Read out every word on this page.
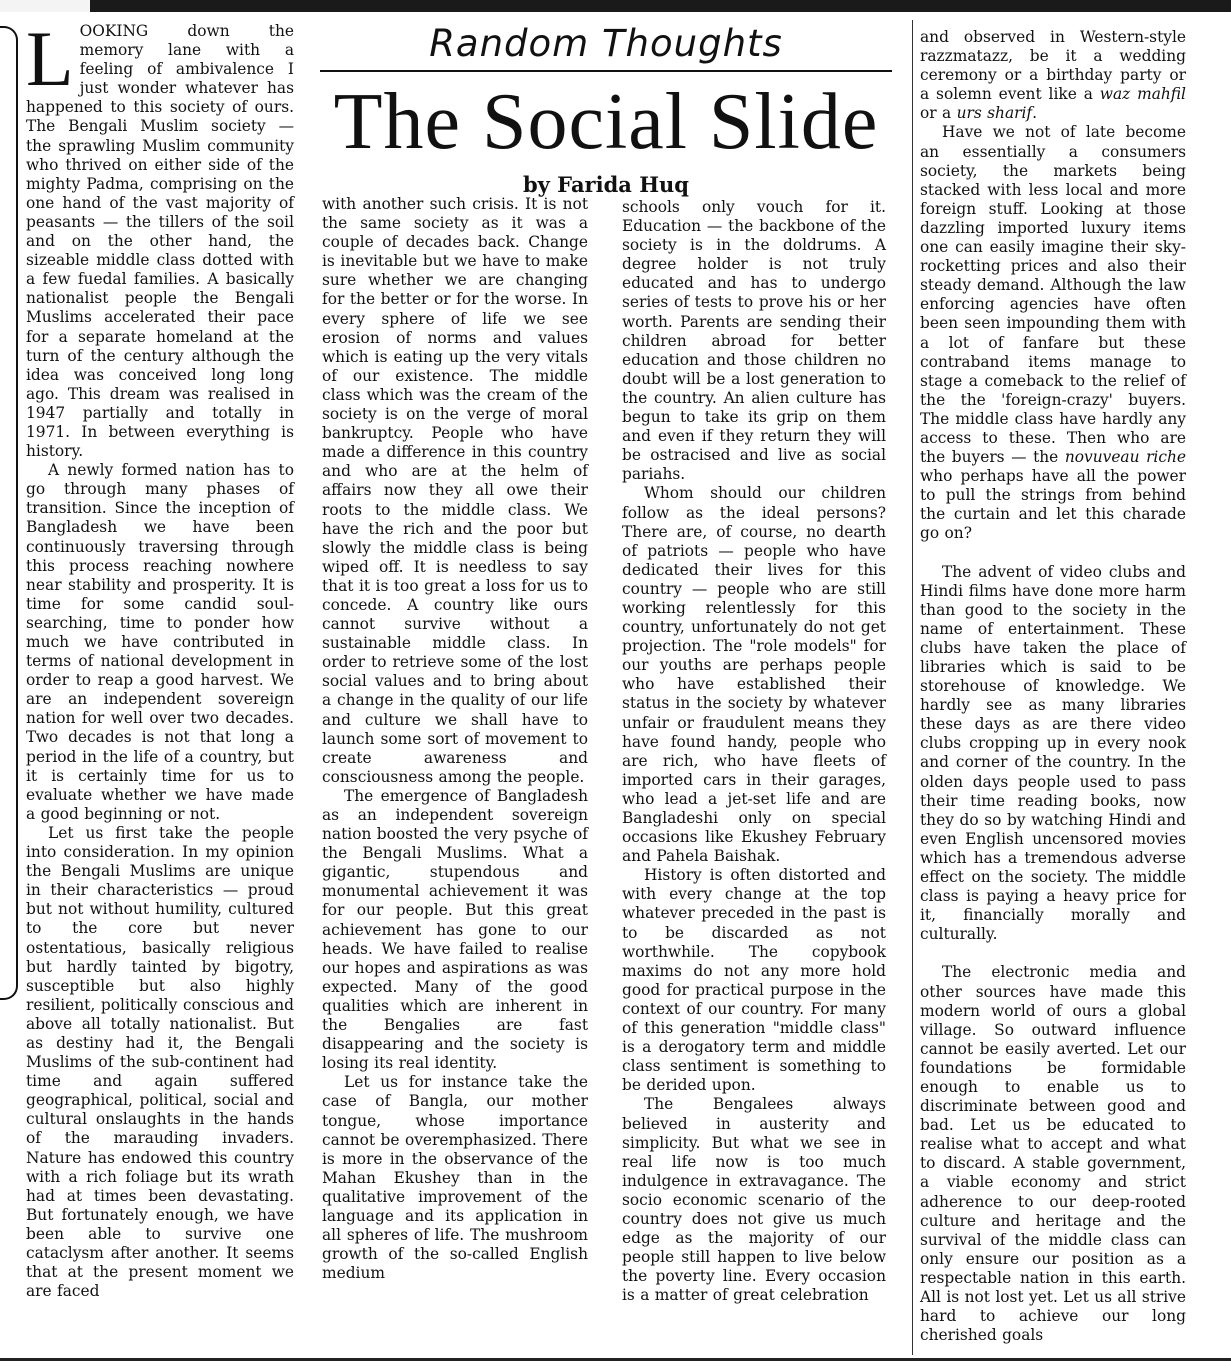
Random Thoughts
The Social Slide
by Farida Huq

LOOKING down the memory lane with a feeling of ambivalence I just wonder whatever has happened to this society of ours. The Bengali Muslim society — the sprawling Muslim community who thrived on either side of the mighty Padma, comprising on the one hand of the vast majority of peasants — the tillers of the soil and on the other hand, the sizeable middle class dotted with a few fuedal families. A basically nationalist people the Bengali Muslims accelerated their pace for a separate homeland at the turn of the century although the idea was conceived long long ago. This dream was realised in 1947 partially and totally in 1971. In between everything is history.

A newly formed nation has to go through many phases of transition. Since the inception of Bangladesh we have been continuously traversing through this process reaching nowhere near stability and prosperity. It is time for some candid soul-searching, time to ponder how much we have contributed in terms of national development in order to reap a good harvest. We are an independent sovereign nation for well over two decades. Two decades is not that long a period in the life of a country, but it is certainly time for us to evaluate whether we have made a good beginning or not.

Let us first take the people into consideration. In my opinion the Bengali Muslims are unique in their characteristics — proud but not without humility, cultured to the core but never ostentatious, basically religious but hardly tainted by bigotry, susceptible but also highly resilient, politically conscious and above all totally nationalist. But as destiny had it, the Bengali Muslims of the sub-continent had time and again suffered geographical, political, social and cultural onslaughts in the hands of the marauding invaders. Nature has endowed this country with a rich foliage but its wrath had at times been devastating. But fortunately enough, we have been able to survive one cataclysm after another. It seems that at the present moment we are faced

with another such crisis. It is not the same society as it was a couple of decades back. Change is inevitable but we have to make sure whether we are changing for the better or for the worse. In every sphere of life we see erosion of norms and values which is eating up the very vitals of our existence. The middle class which was the cream of the society is on the verge of moral bankruptcy. People who have made a difference in this country and who are at the helm of affairs now they all owe their roots to the middle class. We have the rich and the poor but slowly the middle class is being wiped off. It is needless to say that it is too great a loss for us to concede. A country like ours cannot survive without a sustainable middle class. In order to retrieve some of the lost social values and to bring about a change in the quality of our life and culture we shall have to launch some sort of movement to create awareness and consciousness among the people.

The emergence of Bangladesh as an independent sovereign nation boosted the very psyche of the Bengali Muslims. What a gigantic, stupendous and monumental achievement it was for our people. But this great achievement has gone to our heads. We have failed to realise our hopes and aspirations as was expected. Many of the good qualities which are inherent in the Bengalies are fast disappearing and the society is losing its real identity.

Let us for instance take the case of Bangla, our mother tongue, whose importance cannot be overemphasized. There is more in the observance of the Mahan Ekushey than in the qualitative improvement of the language and its application in all spheres of life. The mushroom growth of the so-called English medium

schools only vouch for it. Education — the backbone of the society is in the doldrums. A degree holder is not truly educated and has to undergo series of tests to prove his or her worth. Parents are sending their children abroad for better education and those children no doubt will be a lost generation to the country. An alien culture has begun to take its grip on them and even if they return they will be ostracised and live as social pariahs.

Whom should our children follow as the ideal persons? There are, of course, no dearth of patriots — people who have dedicated their lives for this country — people who are still working relentlessly for this country, unfortunately do not get projection. The "role models" for our youths are perhaps people who have established their status in the society by whatever unfair or fraudulent means they have found handy, people who are rich, who have fleets of imported cars in their garages, who lead a jet-set life and are Bangladeshi only on special occasions like Ekushey February and Pahela Baishak.

History is often distorted and with every change at the top whatever preceded in the past is to be discarded as not worthwhile. The copybook maxims do not any more hold good for practical purpose in the context of our country. For many of this generation "middle class" is a derogatory term and middle class sentiment is something to be derided upon.

The Bengalees always believed in austerity and simplicity. But what we see in real life now is too much indulgence in extravagance. The socio economic scenario of the country does not give us much edge as the majority of our people still happen to live below the poverty line. Every occasion is a matter of great celebration

and observed in Western-style razzmatazz, be it a wedding ceremony or a birthday party or a solemn event like a waz mahfil or a urs sharif.

Have we not of late become an essentially a consumers society, the markets being stacked with less local and more foreign stuff. Looking at those dazzling imported luxury items one can easily imagine their sky-rocketting prices and also their steady demand. Although the law enforcing agencies have often been seen impounding them with a lot of fanfare but these contraband items manage to stage a comeback to the relief of the the 'foreign-crazy' buyers. The middle class have hardly any access to these. Then who are the buyers — the novuveau riche who perhaps have all the power to pull the strings from behind the curtain and let this charade go on?

The advent of video clubs and Hindi films have done more harm than good to the society in the name of entertainment. These clubs have taken the place of libraries which is said to be storehouse of knowledge. We hardly see as many libraries these days as are there video clubs cropping up in every nook and corner of the country. In the olden days people used to pass their time reading books, now they do so by watching Hindi and even English uncensored movies which has a tremendous adverse effect on the society. The middle class is paying a heavy price for it, financially morally and culturally.

The electronic media and other sources have made this modern world of ours a global village. So outward influence cannot be easily averted. Let our foundations be formidable enough to enable us to discriminate between good and bad. Let us be educated to realise what to accept and what to discard. A stable government, a viable economy and strict adherence to our deep-rooted culture and heritage and the survival of the middle class can only ensure our position as a respectable nation in this earth. All is not lost yet. Let us all strive hard to achieve our long cherished goals
